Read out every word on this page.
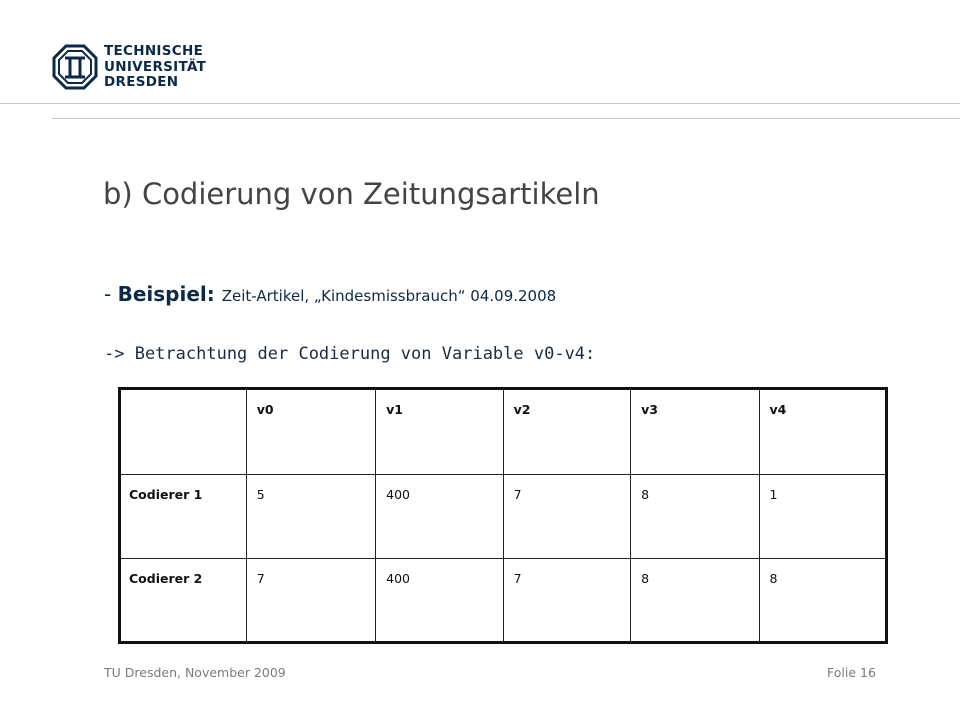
TECHNISCHE
UNIVERSITÄT
DRESDEN
b) Codierung von Zeitungsartikeln
- Beispiel: Zeit-Artikel, „Kindesmissbrauch“ 04.09.2008
-> Betrachtung der Codierung von Variable v0-v4:

	v0	v1	v2	v3	v4

Codierer 1	5	400	7	8	1

Codierer 2	7	400	7	8	8
TU Dresden, November 2009	Folie 16
